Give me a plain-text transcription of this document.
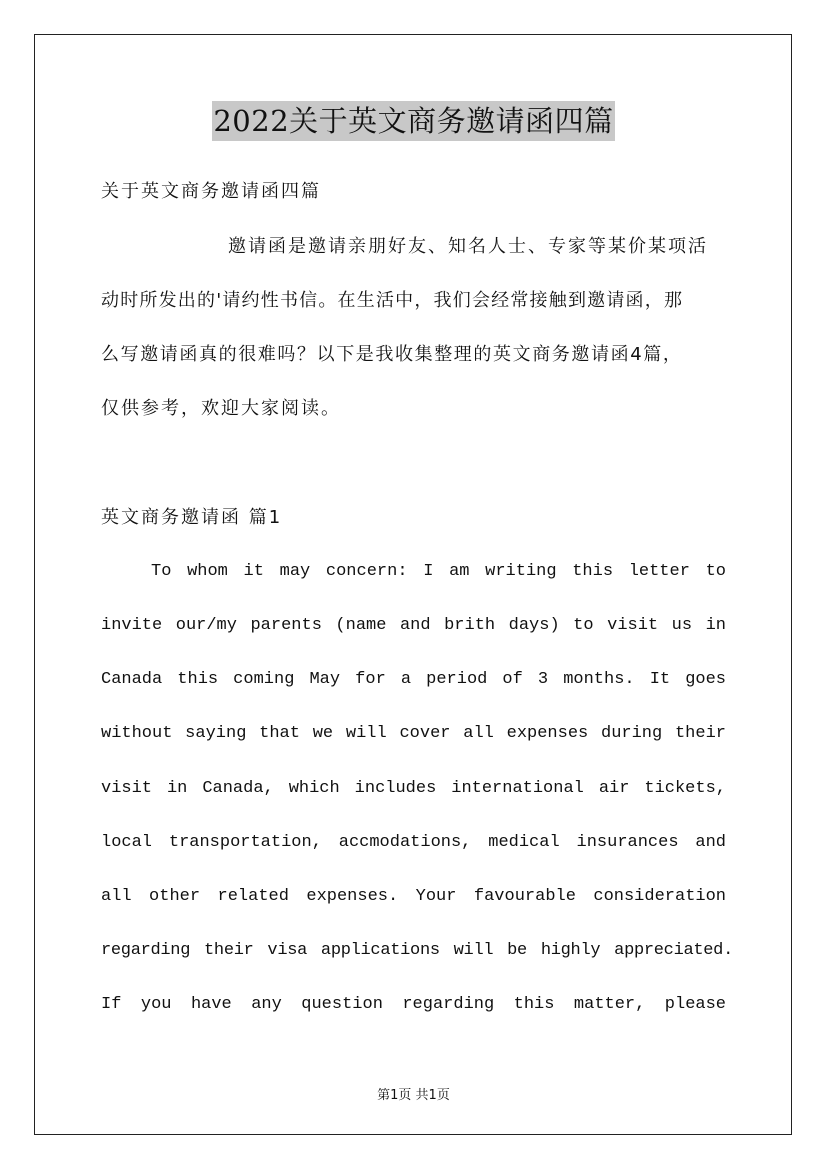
2022关于英文商务邀请函四篇
关于英文商务邀请函四篇
邀请函是邀请亲朋好友、知名人士、专家等某价某项活
动时所发出的'请约性书信。在生活中，我们会经常接触到邀请函，那
么写邀请函真的很难吗？以下是我收集整理的英文商务邀请函4篇，
仅供参考，欢迎大家阅读。
英文商务邀请函 篇1
To whom it may concern: I am writing this letter to
invite our/my parents (name and brith days) to visit us in
Canada this coming May for a period of 3 months. It goes
without saying that we will cover all expenses during their
visit in Canada, which includes international air tickets,
local transportation, accmodations, medical insurances and
all other related expenses. Your favourable consideration
regarding their visa applications will be highly appreciated.
If you have any question regarding this matter, please
第1页 共1页
